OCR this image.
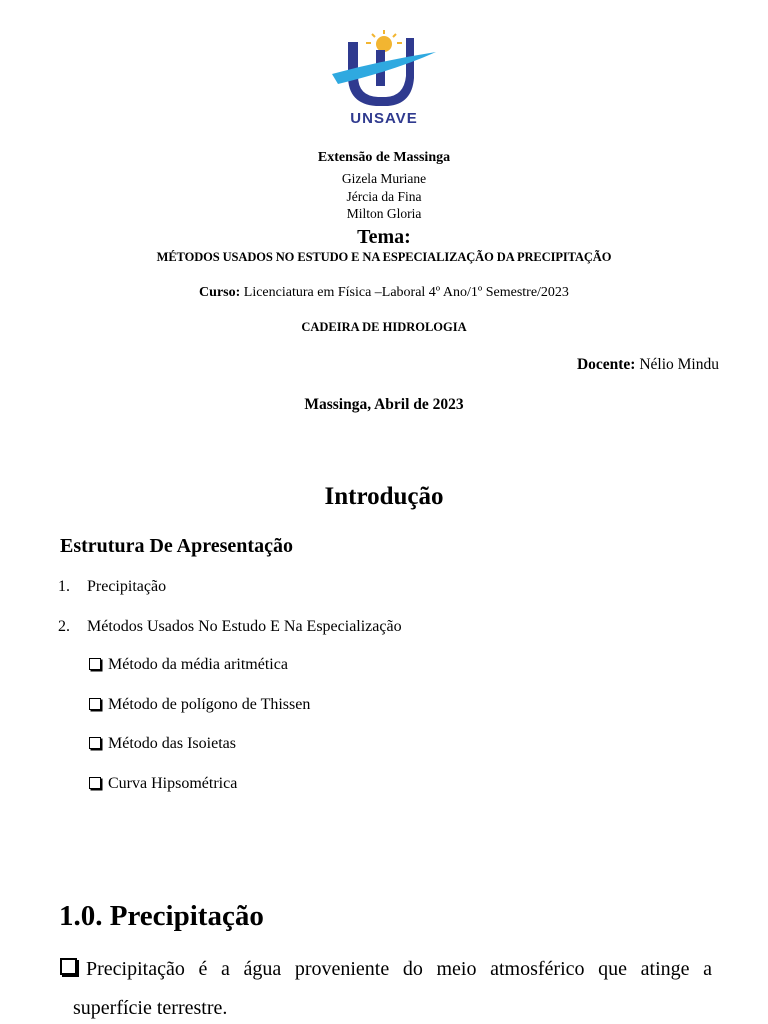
UNSAVE
Extensão de Massinga
Gizela Muriane
Jércia da Fina
Milton Gloria
Tema:
MÉTODOS USADOS NO ESTUDO E NA ESPECIALIZAÇÃO DA PRECIPITAÇÃO
Curso: Licenciatura em Física –Laboral 4º Ano/1º Semestre/2023
CADEIRA DE HIDROLOGIA
Docente: Nélio Mindu
Massinga, Abril de 2023
Introdução
Estrutura De Apresentação
1. Precipitação
2. Métodos Usados No Estudo E Na Especialização
Método da média aritmética
Método de polígono de Thissen
Método das Isoietas
Curva Hipsométrica
1.0. Precipitação
Precipitação é a água proveniente do meio atmosférico que atinge a
superfície terrestre.
